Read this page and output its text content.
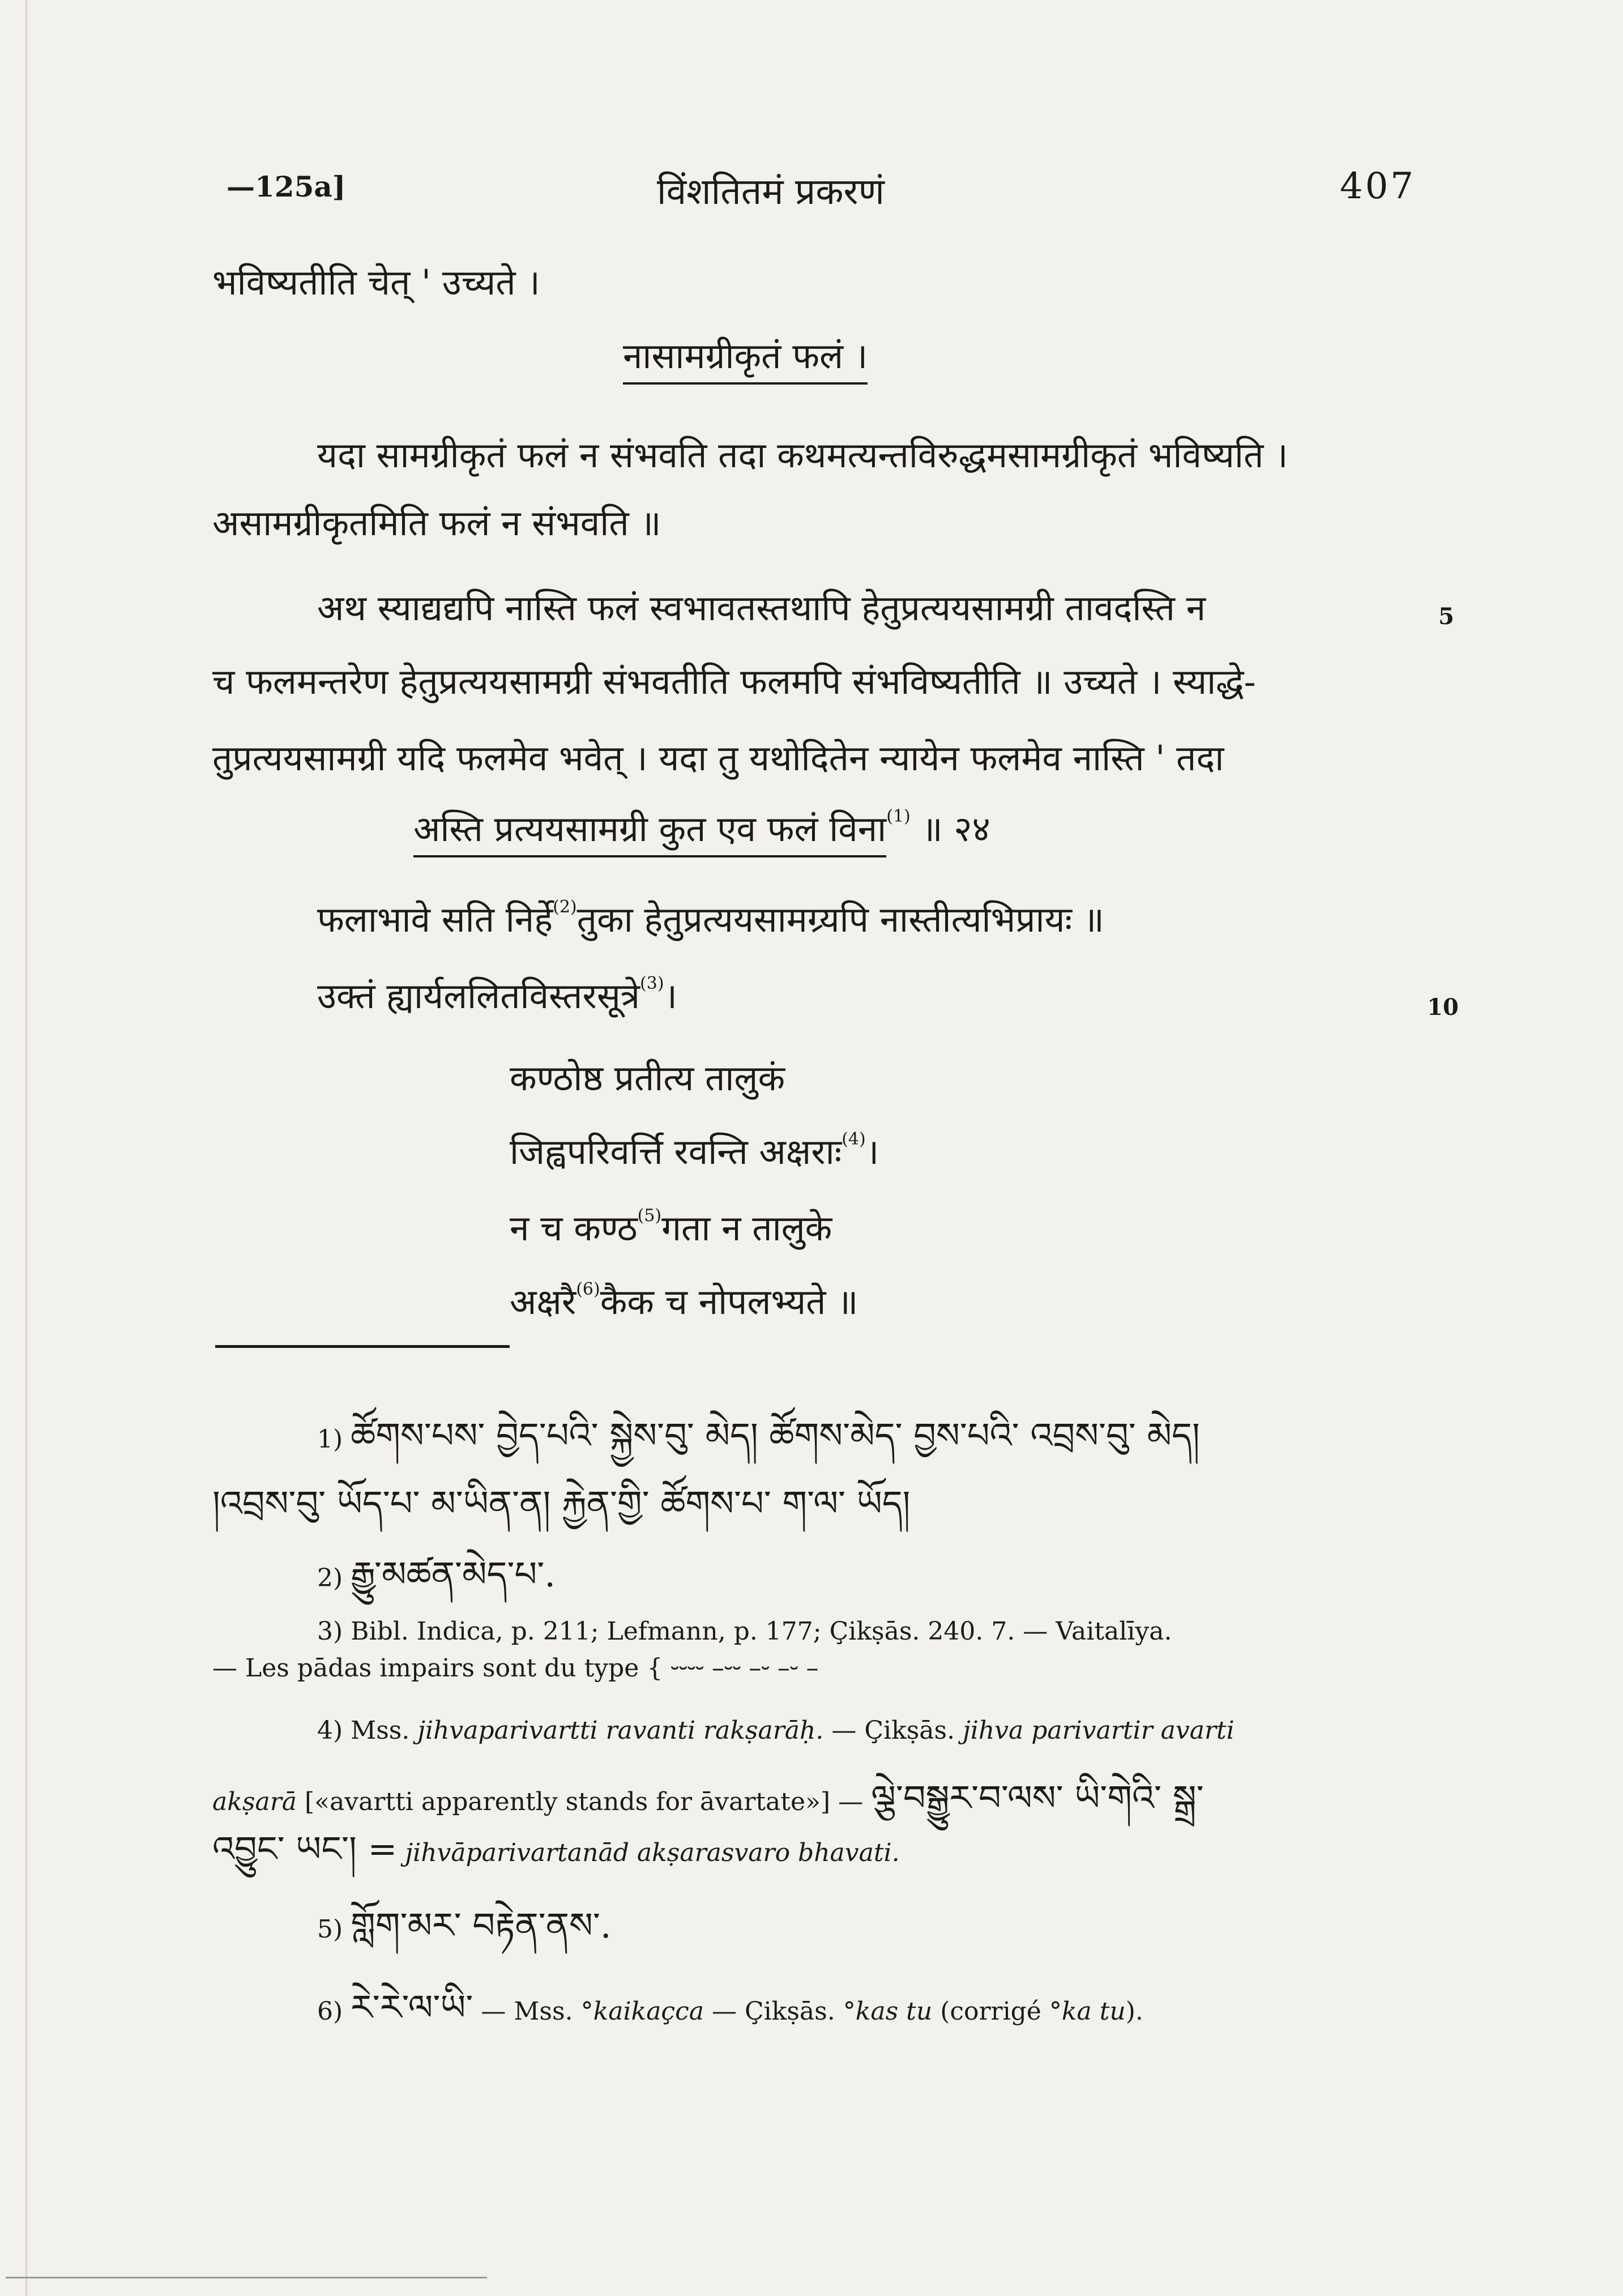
—125a]	विंशतितमं प्रकरणं	407
भविष्यतीति चेत् ' उच्यते ।
नासामग्रीकृतं फलं ।
यदा सामग्रीकृतं फलं न संभवति तदा कथमत्यन्तविरुद्धमसामग्रीकृतं भविष्यति ।
असामग्रीकृतमिति फलं न संभवति ॥
अथ स्याद्यद्यपि नास्ति फलं स्वभावतस्तथापि हेतुप्रत्ययसामग्री तावदस्ति न	5
च फलमन्तरेण हेतुप्रत्ययसामग्री संभवतीति फलमपि संभविष्यतीति ॥ उच्यते । स्याद्धे-
तुप्रत्ययसामग्री यदि फलमेव भवेत् । यदा तु यथोदितेन न्यायेन फलमेव नास्ति ' तदा
अस्ति प्रत्ययसामग्री कुत एव फलं विना$^{(1)}$ ॥ २४
फलाभावे सति निर्हे$^{(2)}$तुका हेतुप्रत्ययसामग्र्यपि नास्तीत्यभिप्रायः ॥
उक्तं ह्यार्यललितविस्तरसूत्रे$^{(3)}$।	10
कण्ठोष्ठ प्रतीत्य तालुकं
जिह्वपरिवर्त्ति रवन्ति अक्षराः$^{(4)}$।
न च कण्ठ$^{(5)}$गता न तालुके
अक्षरै$^{(6)}$कैक च नोपलभ्यते ॥
1) ཚོགས་པས་ བྱེད་པའི་ སྐྱེས་བུ་ མེད། ཚོགས་མེད་ བྱས་པའི་ འབྲས་བུ་ མེད།
།འབྲས་བུ་ ཡོད་པ་ མ་ཡིན་ན། རྐྱེན་གྱི་ ཚོགས་པ་ ག་ལ་ ཡོད།
2) རྒྱུ་མཚན་མེད་པ་.
3) Bibl. Indica, p. 211; Lefmann, p. 177; Çikṣās. 240. 7. — Vaitalīya.
— Les pādas impairs sont du type { ⏑⏑⏑⏑ –⏑⏑ –⏑ –⏑ –
4) Mss. jihvaparivartti ravanti rakṣarāḥ. — Çikṣās. jihva parivartir avarti
akṣarā [«avartti apparently stands for āvartate»] — ལྕེ་བསྒྱུར་བ་ལས་ ཡི་གེའི་ སྒྲ་
འབྱུང་ ཡང་། = jihvāparivartanād akṣarasvaro bhavati.
5) གློག་མར་ བརྟེན་ནས་.
6) རེ་རེ་ལ་ཡི་ — Mss. °kaikaçca — Çikṣās. °kas tu (corrigé °ka tu).
